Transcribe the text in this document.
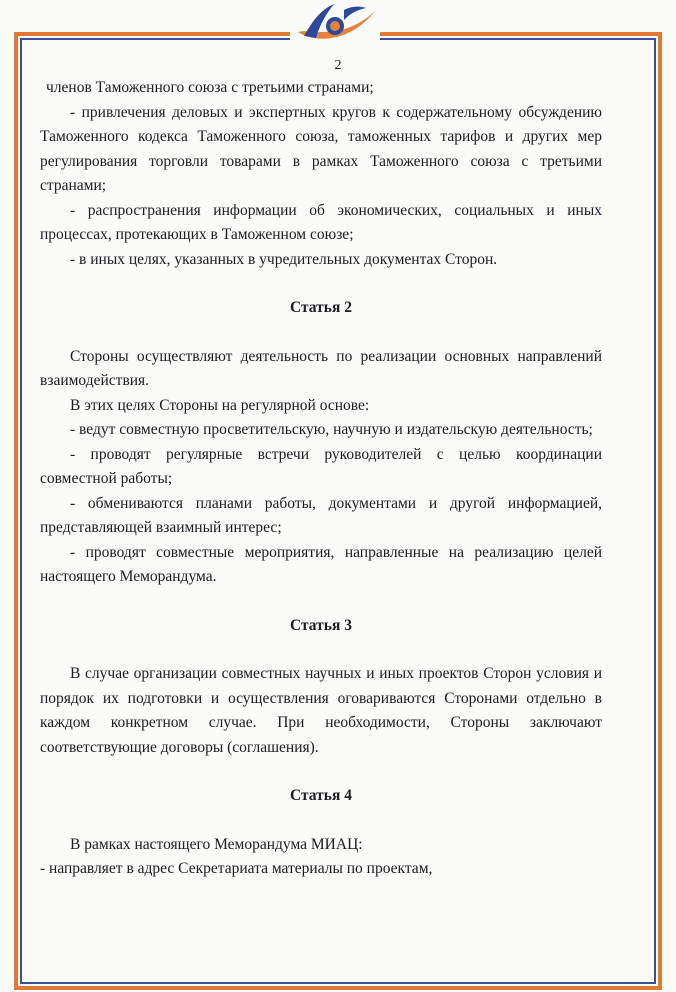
2

членов Таможенного союза с третьими странами;

- привлечения деловых и экспертных кругов к содержательному обсуждению Таможенного кодекса Таможенного союза, таможенных тарифов и других мер регулирования торговли товарами в рамках Таможенного союза с третьими странами;

- распространения информации об экономических, социальных и иных процессах, протекающих в Таможенном союзе;

- в иных целях, указанных в учредительных документах Сторон.

Статья 2

Стороны осуществляют деятельность по реализации основных направлений взаимодействия.

В этих целях Стороны на регулярной основе:

- ведут совместную просветительскую, научную и издательскую деятельность;

- проводят регулярные встречи руководителей с целью координации совместной работы;

- обмениваются планами работы, документами и другой информацией, представляющей взаимный интерес;

- проводят совместные мероприятия, направленные на реализацию целей настоящего Меморандума.

Статья 3

В случае организации совместных научных и иных проектов Сторон условия и порядок их подготовки и осуществления оговариваются Сторонами отдельно в каждом конкретном случае. При необходимости, Стороны заключают соответствующие договоры (соглашения).

Статья 4

В рамках настоящего Меморандума МИАЦ:

- направляет в адрес Секретариата материалы по проектам,
